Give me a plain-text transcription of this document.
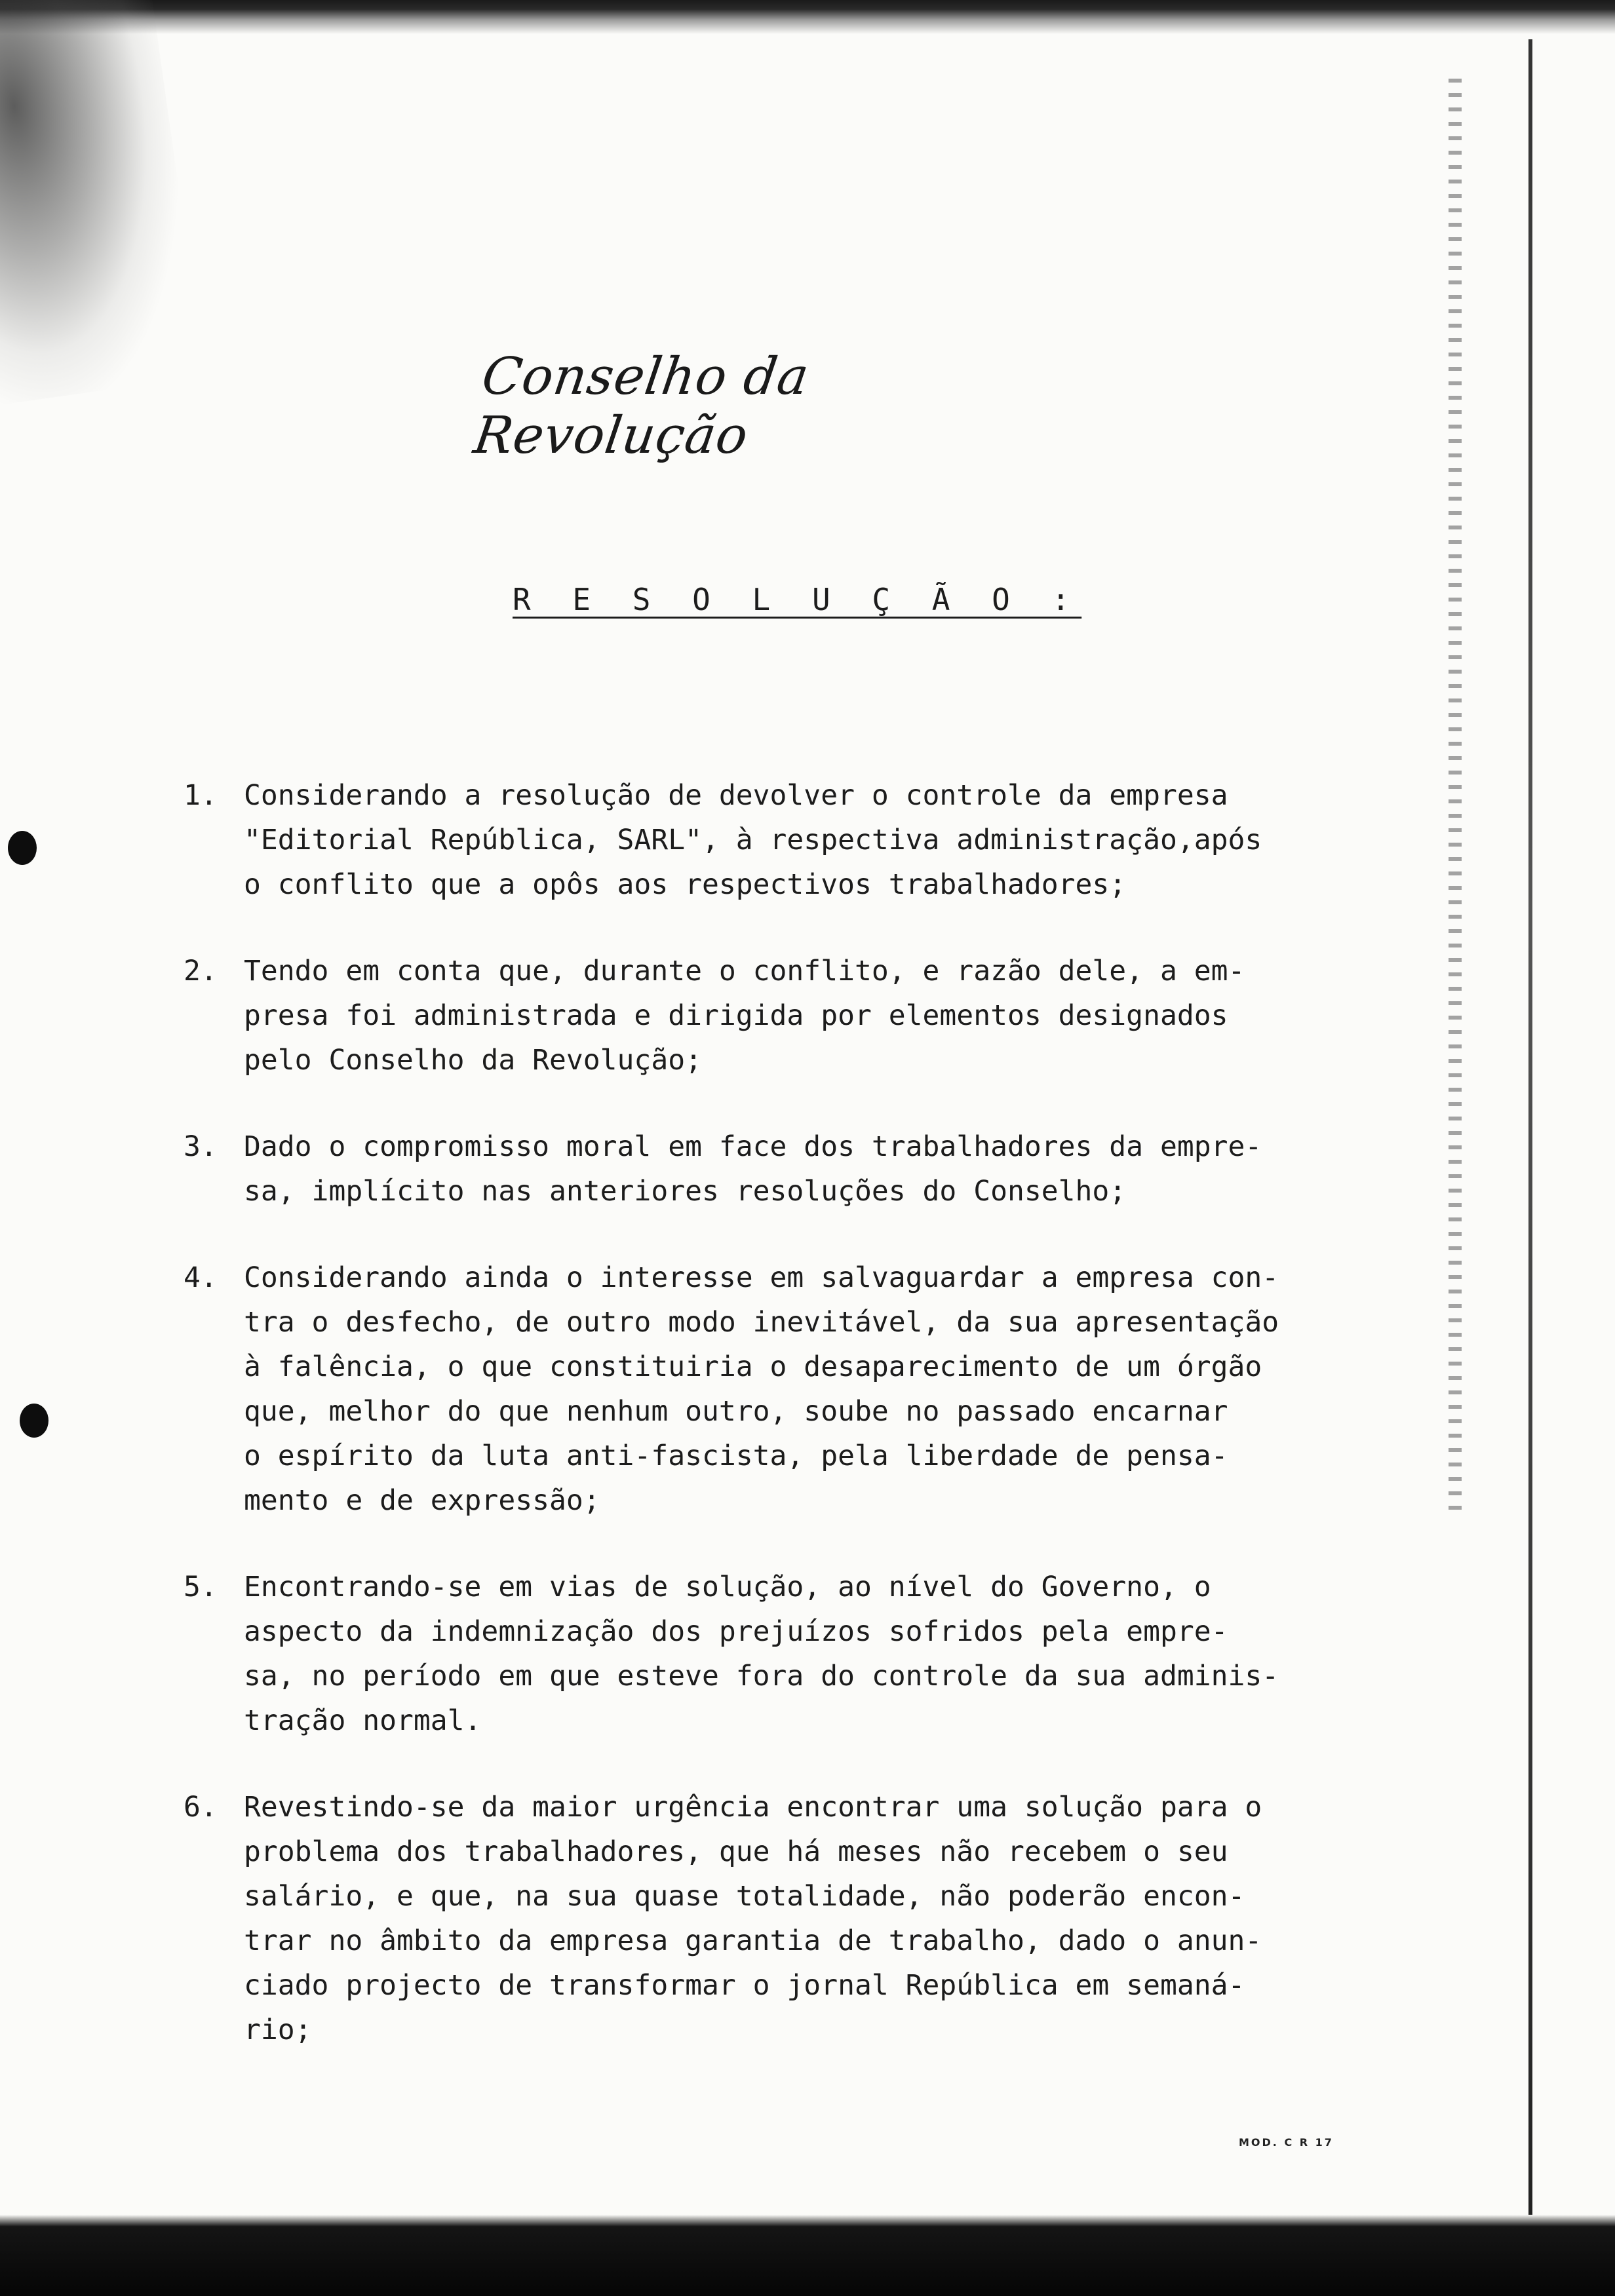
Conselho da Revolução
R E S O L U Ç Ã O :
1. Considerando a resolução de devolver o controle da empresa
"Editorial República, SARL", à respectiva administração,após
o conflito que a opôs aos respectivos trabalhadores;
2. Tendo em conta que, durante o conflito, e razão dele, a em-
presa foi administrada e dirigida por elementos designados
pelo Conselho da Revolução;
3. Dado o compromisso moral em face dos trabalhadores da empre-
sa, implícito nas anteriores resoluções do Conselho;
4. Considerando ainda o interesse em salvaguardar a empresa con-
tra o desfecho, de outro modo inevitável, da sua apresentação
à falência, o que constituiria o desaparecimento de um órgão
que, melhor do que nenhum outro, soube no passado encarnar
o espírito da luta anti-fascista, pela liberdade de pensa-
mento e de expressão;
5. Encontrando-se em vias de solução, ao nível do Governo, o
aspecto da indemnização dos prejuízos sofridos pela empre-
sa, no período em que esteve fora do controle da sua adminis-
tração normal.
6. Revestindo-se da maior urgência encontrar uma solução para o
problema dos trabalhadores, que há meses não recebem o seu
salário, e que, na sua quase totalidade, não poderão encon-
trar no âmbito da empresa garantia de trabalho, dado o anun-
ciado projecto de transformar o jornal República em semaná-
rio;
MOD. C R 17
